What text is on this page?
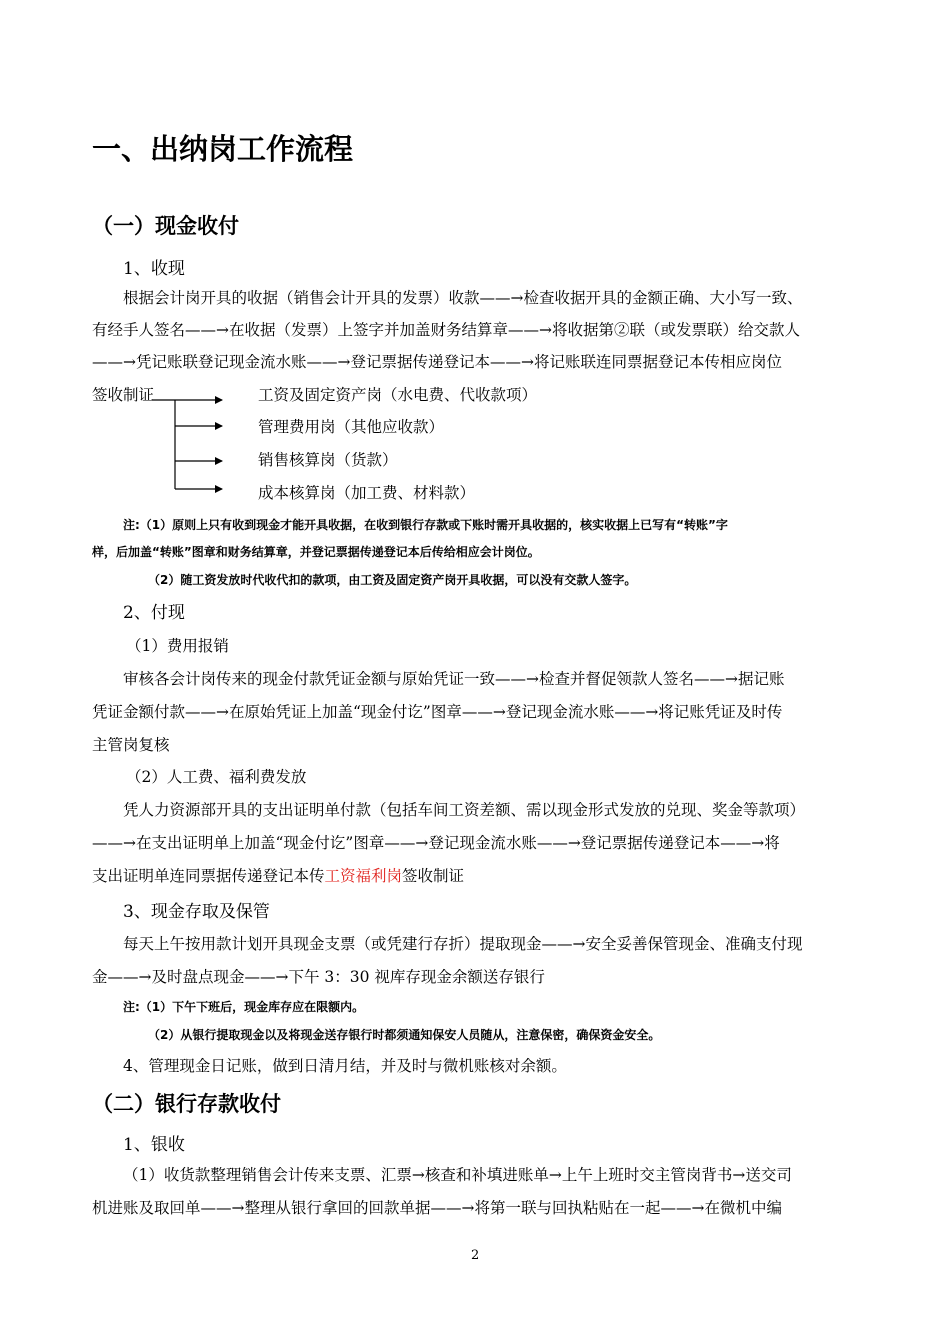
一、出纳岗工作流程
（一）现金收付
1、收现
根据会计岗开具的收据（销售会计开具的发票）收款——→检查收据开具的金额正确、大小写一致、
有经手人签名——→在收据（发票）上签字并加盖财务结算章——→将收据第②联（或发票联）给交款人
——→凭记账联登记现金流水账——→登记票据传递登记本——→将记账联连同票据登记本传相应岗位
签收制证	工资及固定资产岗（水电费、代收款项）
管理费用岗（其他应收款）
销售核算岗（货款）
成本核算岗（加工费、材料款）
注:（1）原则上只有收到现金才能开具收据，在收到银行存款或下账时需开具收据的，核实收据上已写有“转账”字
样，后加盖“转账”图章和财务结算章，并登记票据传递登记本后传给相应会计岗位。
（2）随工资发放时代收代扣的款项，由工资及固定资产岗开具收据，可以没有交款人签字。
2、付现
（1）费用报销
审核各会计岗传来的现金付款凭证金额与原始凭证一致——→检查并督促领款人签名——→据记账
凭证金额付款——→在原始凭证上加盖“现金付讫”图章——→登记现金流水账——→将记账凭证及时传
主管岗复核
（2）人工费、福利费发放
凭人力资源部开具的支出证明单付款（包括车间工资差额、需以现金形式发放的兑现、奖金等款项）
——→在支出证明单上加盖“现金付讫”图章——→登记现金流水账——→登记票据传递登记本——→将
支出证明单连同票据传递登记本传工资福利岗签收制证
3、现金存取及保管
每天上午按用款计划开具现金支票（或凭建行存折）提取现金——→安全妥善保管现金、准确支付现
金——→及时盘点现金——→下午 3：30 视库存现金余额送存银行
注:（1）下午下班后，现金库存应在限额内。
（2）从银行提取现金以及将现金送存银行时都须通知保安人员随从，注意保密，确保资金安全。
4、管理现金日记账，做到日清月结，并及时与微机账核对余额。
（二）银行存款收付
1、银收
（1）收货款整理销售会计传来支票、汇票→核查和补填进账单→上午上班时交主管岗背书→送交司
机进账及取回单——→整理从银行拿回的回款单据——→将第一联与回执粘贴在一起——→在微机中编
2
